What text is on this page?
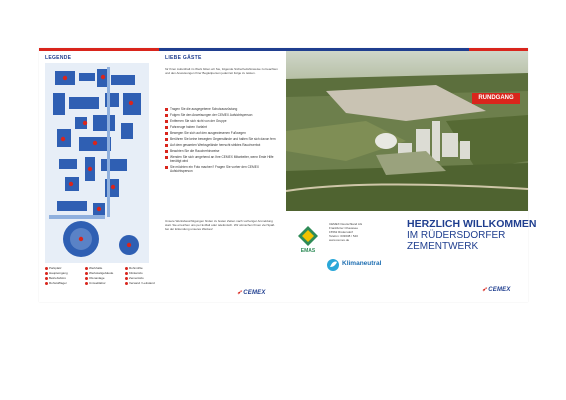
LEGENDE
Parkplatz
Haupteingang
Betriebsbüro
Rohstofflager
Werkhalle
Werkstattgebäude
Ofenanlage
Umweltlabor
Rohmühle
Klinkersilo
Zementsilo
Versand / Leitstand
LIEBE GÄSTE
für Ihren Aufenthalt im Werk bitten wir Sie, folgende Sicherheitshinweise zu beachten und den Anweisungen Ihrer Begleitperson jederzeit Folge zu leisten.
Tragen Sie die ausgegebene Schutzausrüstung
Folgen Sie den Anweisungen der CEMEX Aufsichtsperson
Entfernen Sie sich nicht von der Gruppe
Fahrzeuge haben Vorfahrt
Bewegen Sie sich auf den ausgewiesenen Fußwegen
Berühren Sie keine bewegten Gegenstände und halten Sie sich davon fern
Auf dem gesamten Werksgelände herrscht striktes Rauchverbot
Beachten Sie die Raucherhinweise
Wenden Sie sich umgehend an Ihre CEMEX Mitarbeiter, wenn Erste Hilfe benötigt wird
Sie möchten ein Foto machen? Fragen Sie vorher den CEMEX Aufsichtsperson
Unsere Werksbesichtigungen finden zu festen Zeiten nach vorheriger Anmeldung statt. Sie erreichen uns per E-Mail oder telefonisch. Wir wünschen Ihnen viel Spaß bei der Erkundung unseres Werkes!
➶CEMEX
RUNDGANG
EMAS
CEMEX Deutschland AG
Frankfurter Chaussee
15562 Rüdersdorf
Telefon: 033638 / 540
www.cemex.de
Klimaneutral
HERZLICH WILLKOMMEN
IM RÜDERSDORFER
ZEMENTWERK
➶CEMEX
